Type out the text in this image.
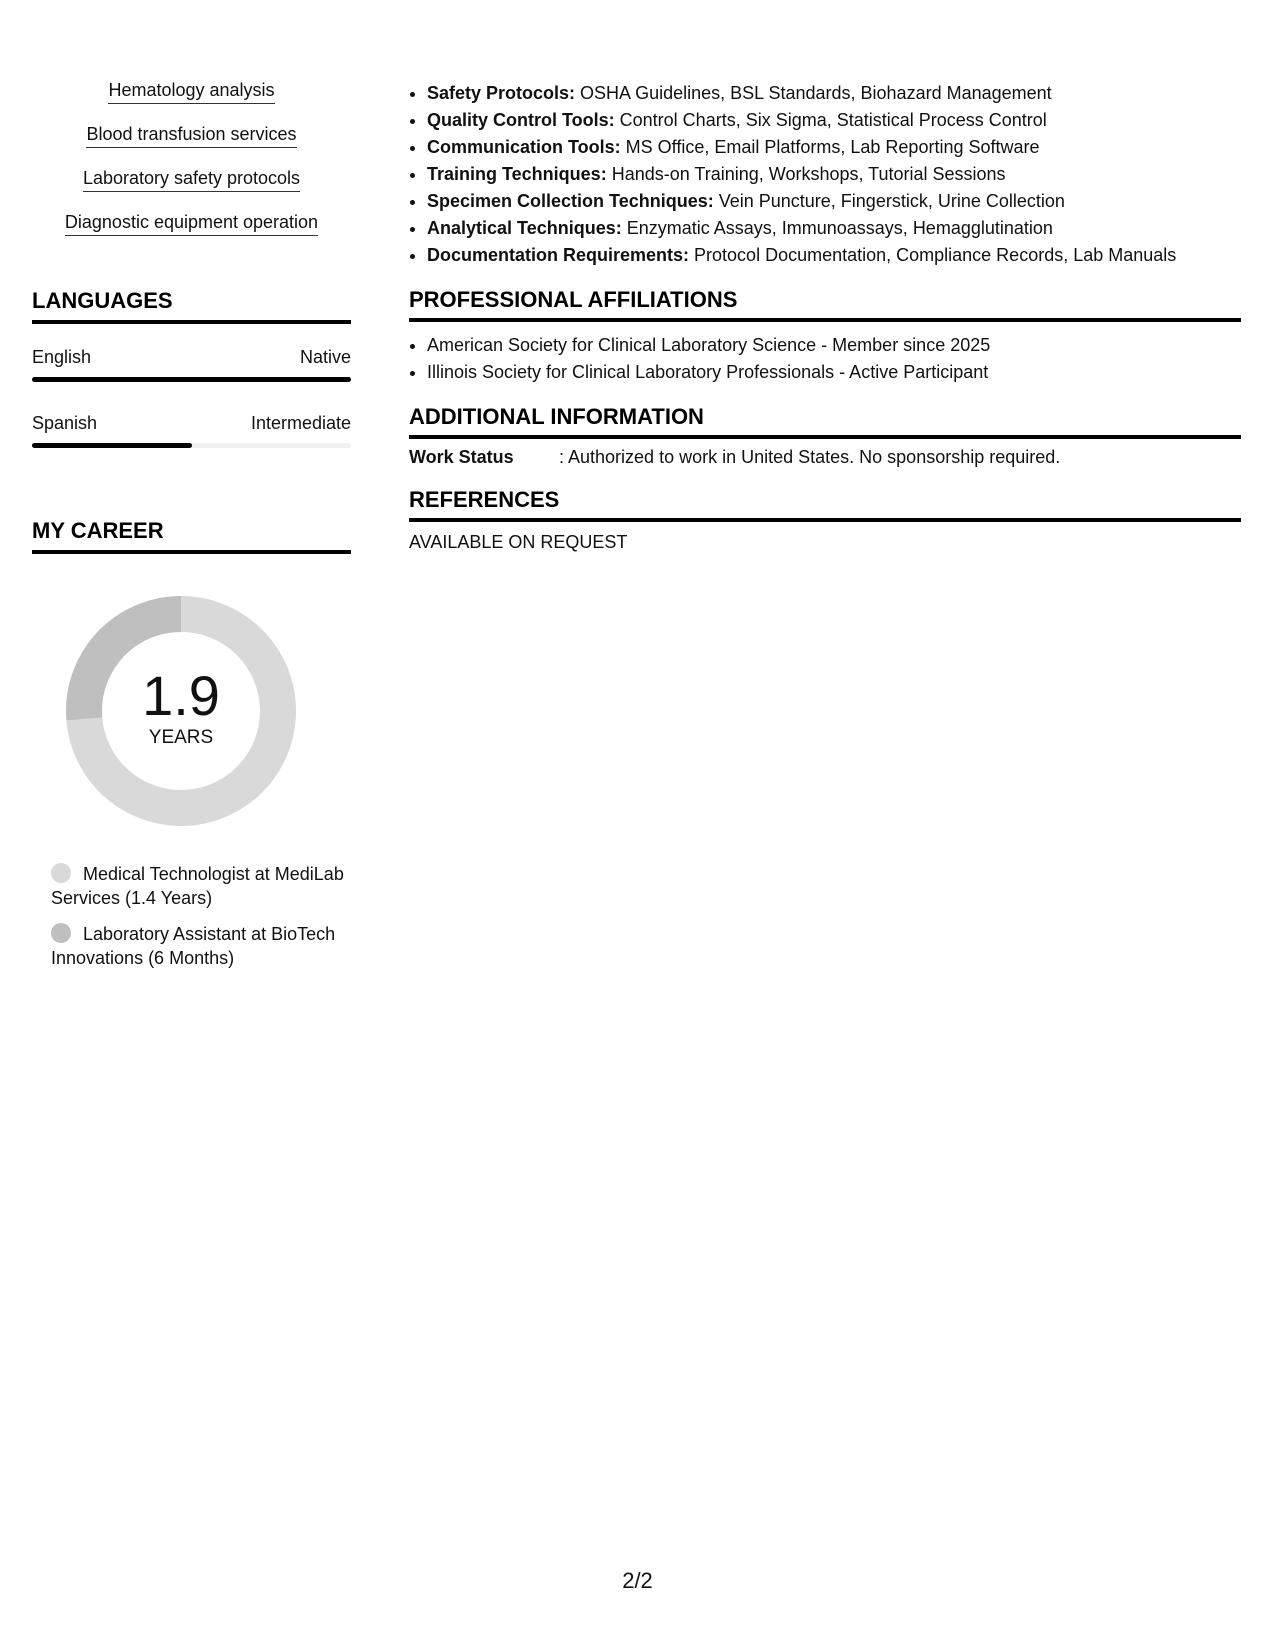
Hematology analysis
Blood transfusion services
Laboratory safety protocols
Diagnostic equipment operation
LANGUAGES
English	Native
Spanish	Intermediate
MY CAREER
1.9
YEARS
Medical Technologist at MediLab Services (1.4 Years)
Laboratory Assistant at BioTech Innovations (6 Months)
• Safety Protocols: OSHA Guidelines, BSL Standards, Biohazard Management
• Quality Control Tools: Control Charts, Six Sigma, Statistical Process Control
• Communication Tools: MS Office, Email Platforms, Lab Reporting Software
• Training Techniques: Hands-on Training, Workshops, Tutorial Sessions
• Specimen Collection Techniques: Vein Puncture, Fingerstick, Urine Collection
• Analytical Techniques: Enzymatic Assays, Immunoassays, Hemagglutination
• Documentation Requirements: Protocol Documentation, Compliance Records, Lab Manuals
PROFESSIONAL AFFILIATIONS
• American Society for Clinical Laboratory Science - Member since 2025
• Illinois Society for Clinical Laboratory Professionals - Active Participant
ADDITIONAL INFORMATION
Work Status	: Authorized to work in United States. No sponsorship required.
REFERENCES
AVAILABLE ON REQUEST
2/2
